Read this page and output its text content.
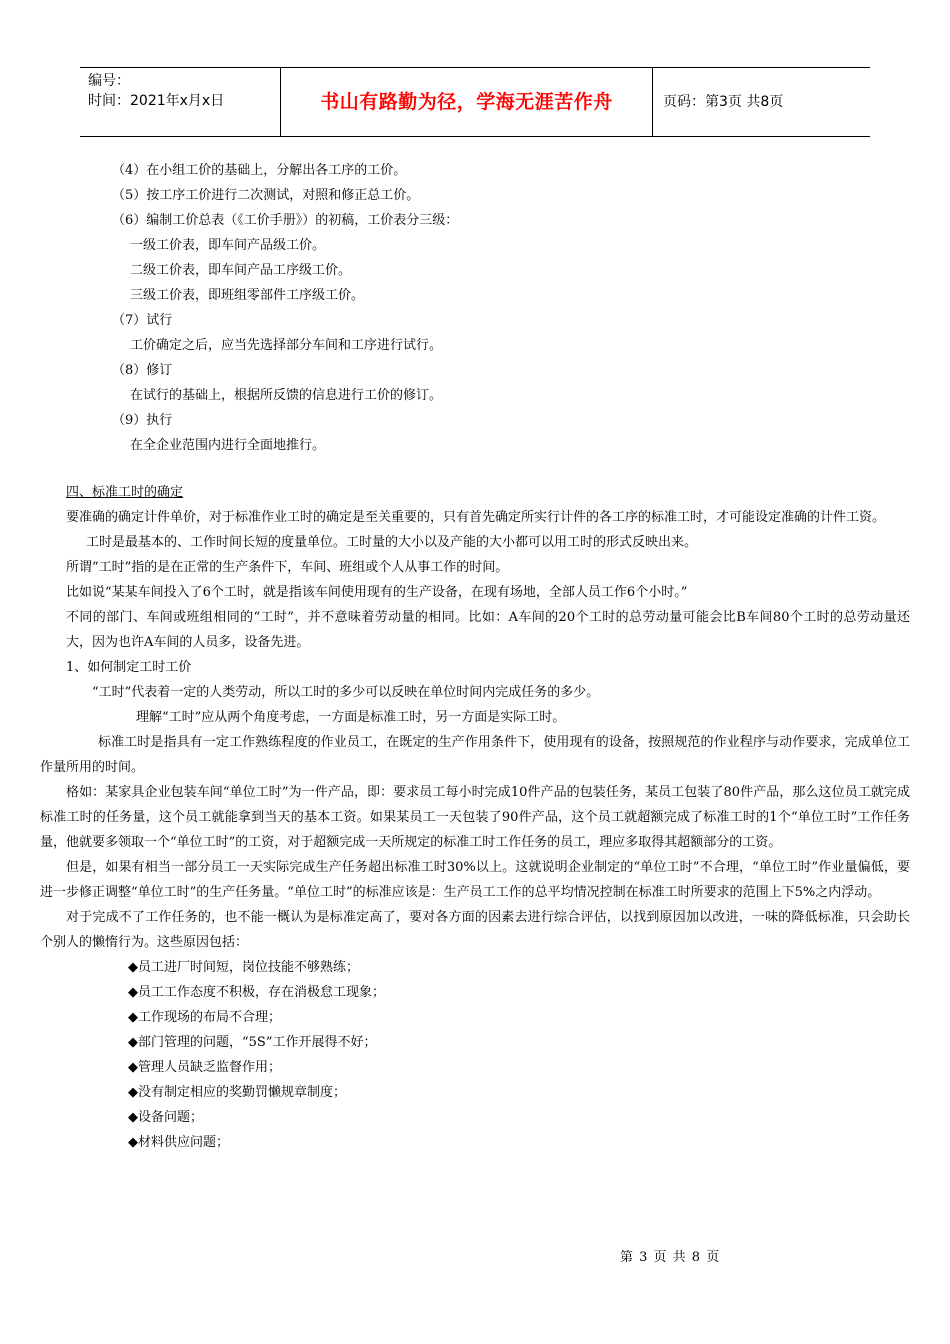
编号：
时间：2021年x月x日	书山有路勤为径，学海无涯苦作舟	页码：第3页 共8页
（4）在小组工价的基础上，分解出各工序的工价。
（5）按工序工价进行二次测试，对照和修正总工价。
（6）编制工价总表（《工价手册》）的初稿，工价表分三级：
一级工价表，即车间产品级工价。
二级工价表，即车间产品工序级工价。
三级工价表，即班组零部件工序级工价。
（7）试行
工价确定之后，应当先选择部分车间和工序进行试行。
（8）修订
在试行的基础上，根据所反馈的信息进行工价的修订。
（9）执行
在全企业范围内进行全面地推行。
四、标准工时的确定
要准确的确定计件单价，对于标准作业工时的确定是至关重要的，只有首先确定所实行计件的各工序的标准工时，才可能设定准确的计件工资。
工时是最基本的、工作时间长短的度量单位。工时量的大小以及产能的大小都可以用工时的形式反映出来。
所谓“工时”指的是在正常的生产条件下，车间、班组或个人从事工作的时间。
比如说“某某车间投入了6个工时，就是指该车间使用现有的生产设备，在现有场地，全部人员工作6个小时。”
不同的部门、车间或班组相同的“工时”，并不意味着劳动量的相同。比如：A车间的20个工时的总劳动量可能会比B车间80个工时的总劳动量还大，因为也许A车间的人员多，设备先进。
1、如何制定工时工价
“工时”代表着一定的人类劳动，所以工时的多少可以反映在单位时间内完成任务的多少。
理解“工时”应从两个角度考虑，一方面是标准工时，另一方面是实际工时。
标准工时是指具有一定工作熟练程度的作业员工，在既定的生产作用条件下，使用现有的设备，按照规范的作业程序与动作要求，完成单位工作量所用的时间。
格如：某家具企业包装车间“单位工时”为一件产品，即：要求员工每小时完成10件产品的包装任务，某员工包装了80件产品，那么这位员工就完成标准工时的任务量，这个员工就能拿到当天的基本工资。如果某员工一天包装了90件产品，这个员工就超额完成了标准工时的1个“单位工时”工作任务量，他就要多领取一个“单位工时”的工资，对于超额完成一天所规定的标准工时工作任务的员工，理应多取得其超额部分的工资。
但是，如果有相当一部分员工一天实际完成生产任务超出标准工时30%以上。这就说明企业制定的“单位工时”不合理，“单位工时”作业量偏低，要进一步修正调整“单位工时”的生产任务量。“单位工时”的标准应该是：生产员工工作的总平均情况控制在标准工时所要求的范围上下5%之内浮动。
对于完成不了工作任务的，也不能一概认为是标准定高了，要对各方面的因素去进行综合评估，以找到原因加以改进，一味的降低标准，只会助长个别人的懒惰行为。这些原因包括：
◆员工进厂时间短，岗位技能不够熟练；
◆员工工作态度不积极，存在消极怠工现象；
◆工作现场的布局不合理；
◆部门管理的问题，“5S”工作开展得不好；
◆管理人员缺乏监督作用；
◆没有制定相应的奖勤罚懒规章制度；
◆设备问题；
◆材料供应问题；
第 3 页 共 8 页
